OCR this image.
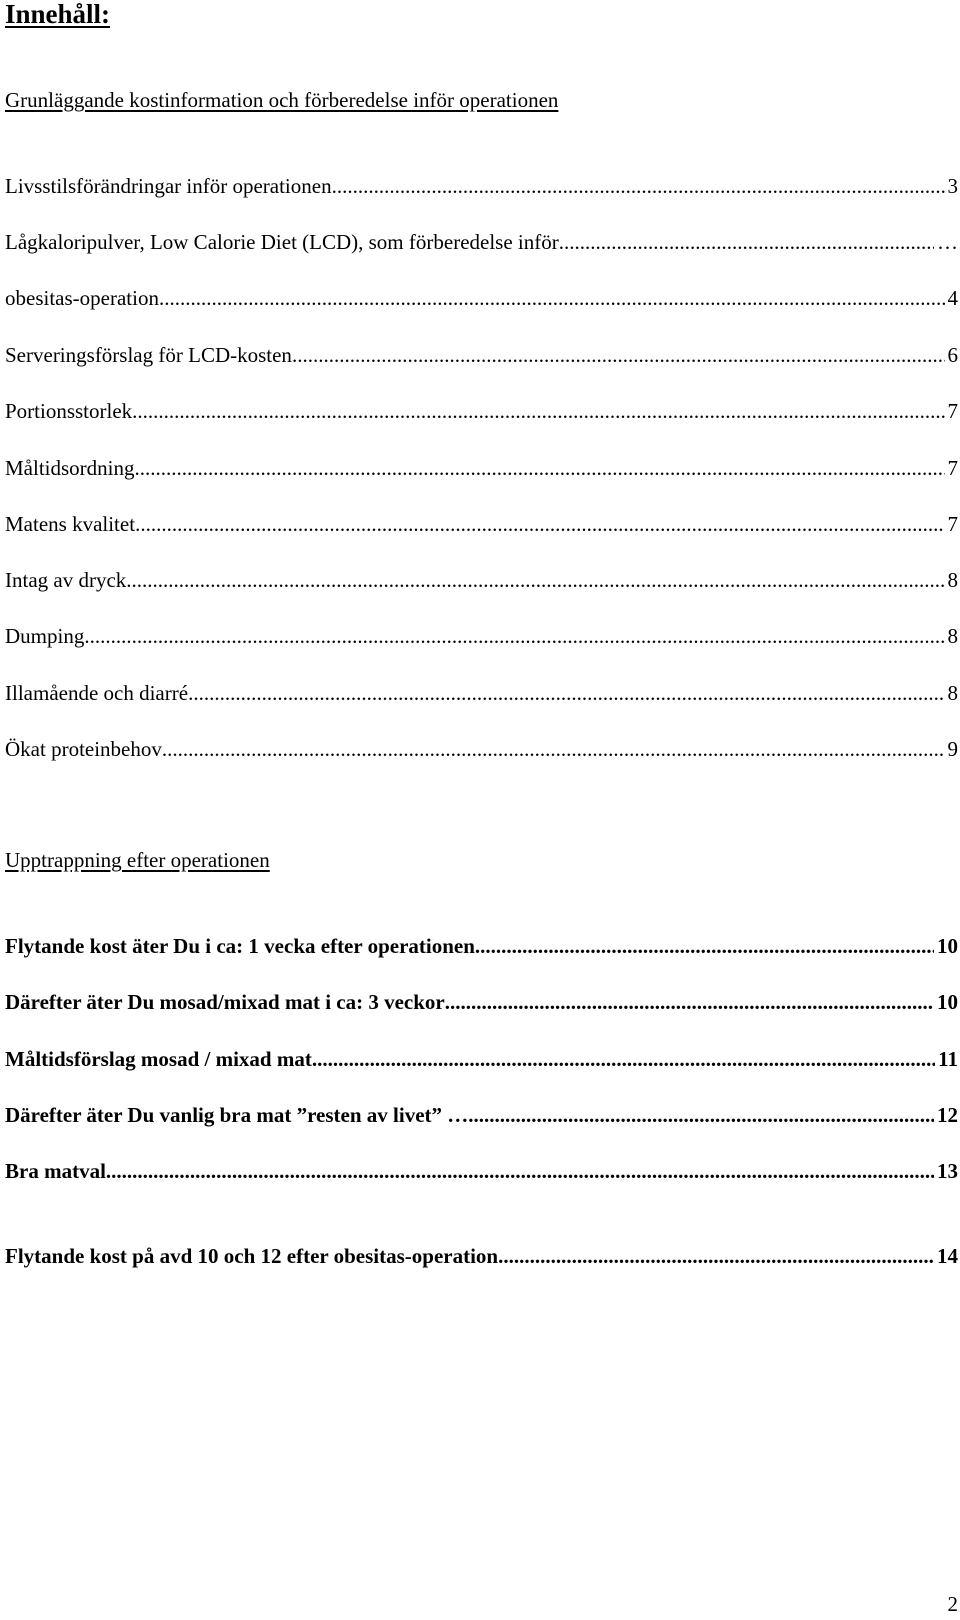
Innehåll:
Grunläggande kostinformation och förberedelse inför operationen
Livsstilsförändringar inför operationen .....	3
Lågkaloripulver, Low Calorie Diet (LCD), som förberedelse inför .....	…
obesitas-operation .....	4
Serveringsförslag för LCD-kosten .....	6
Portionsstorlek .....	7
Måltidsordning .....	7
Matens kvalitet .....	7
Intag av dryck .....	8
Dumping .....	8
Illamående och diarré .....	8
Ökat proteinbehov .....	9
Upptrappning efter operationen
Flytande kost äter Du i ca: 1 vecka efter operationen .....	10
Därefter äter Du mosad/mixad mat i ca: 3 veckor .....	10
Måltidsförslag mosad / mixad mat .....	11
Därefter äter Du vanlig bra mat ”resten av livet” … .....	12
Bra matval .....	13
Flytande kost på avd 10 och 12 efter obesitas-operation .....	14
2
